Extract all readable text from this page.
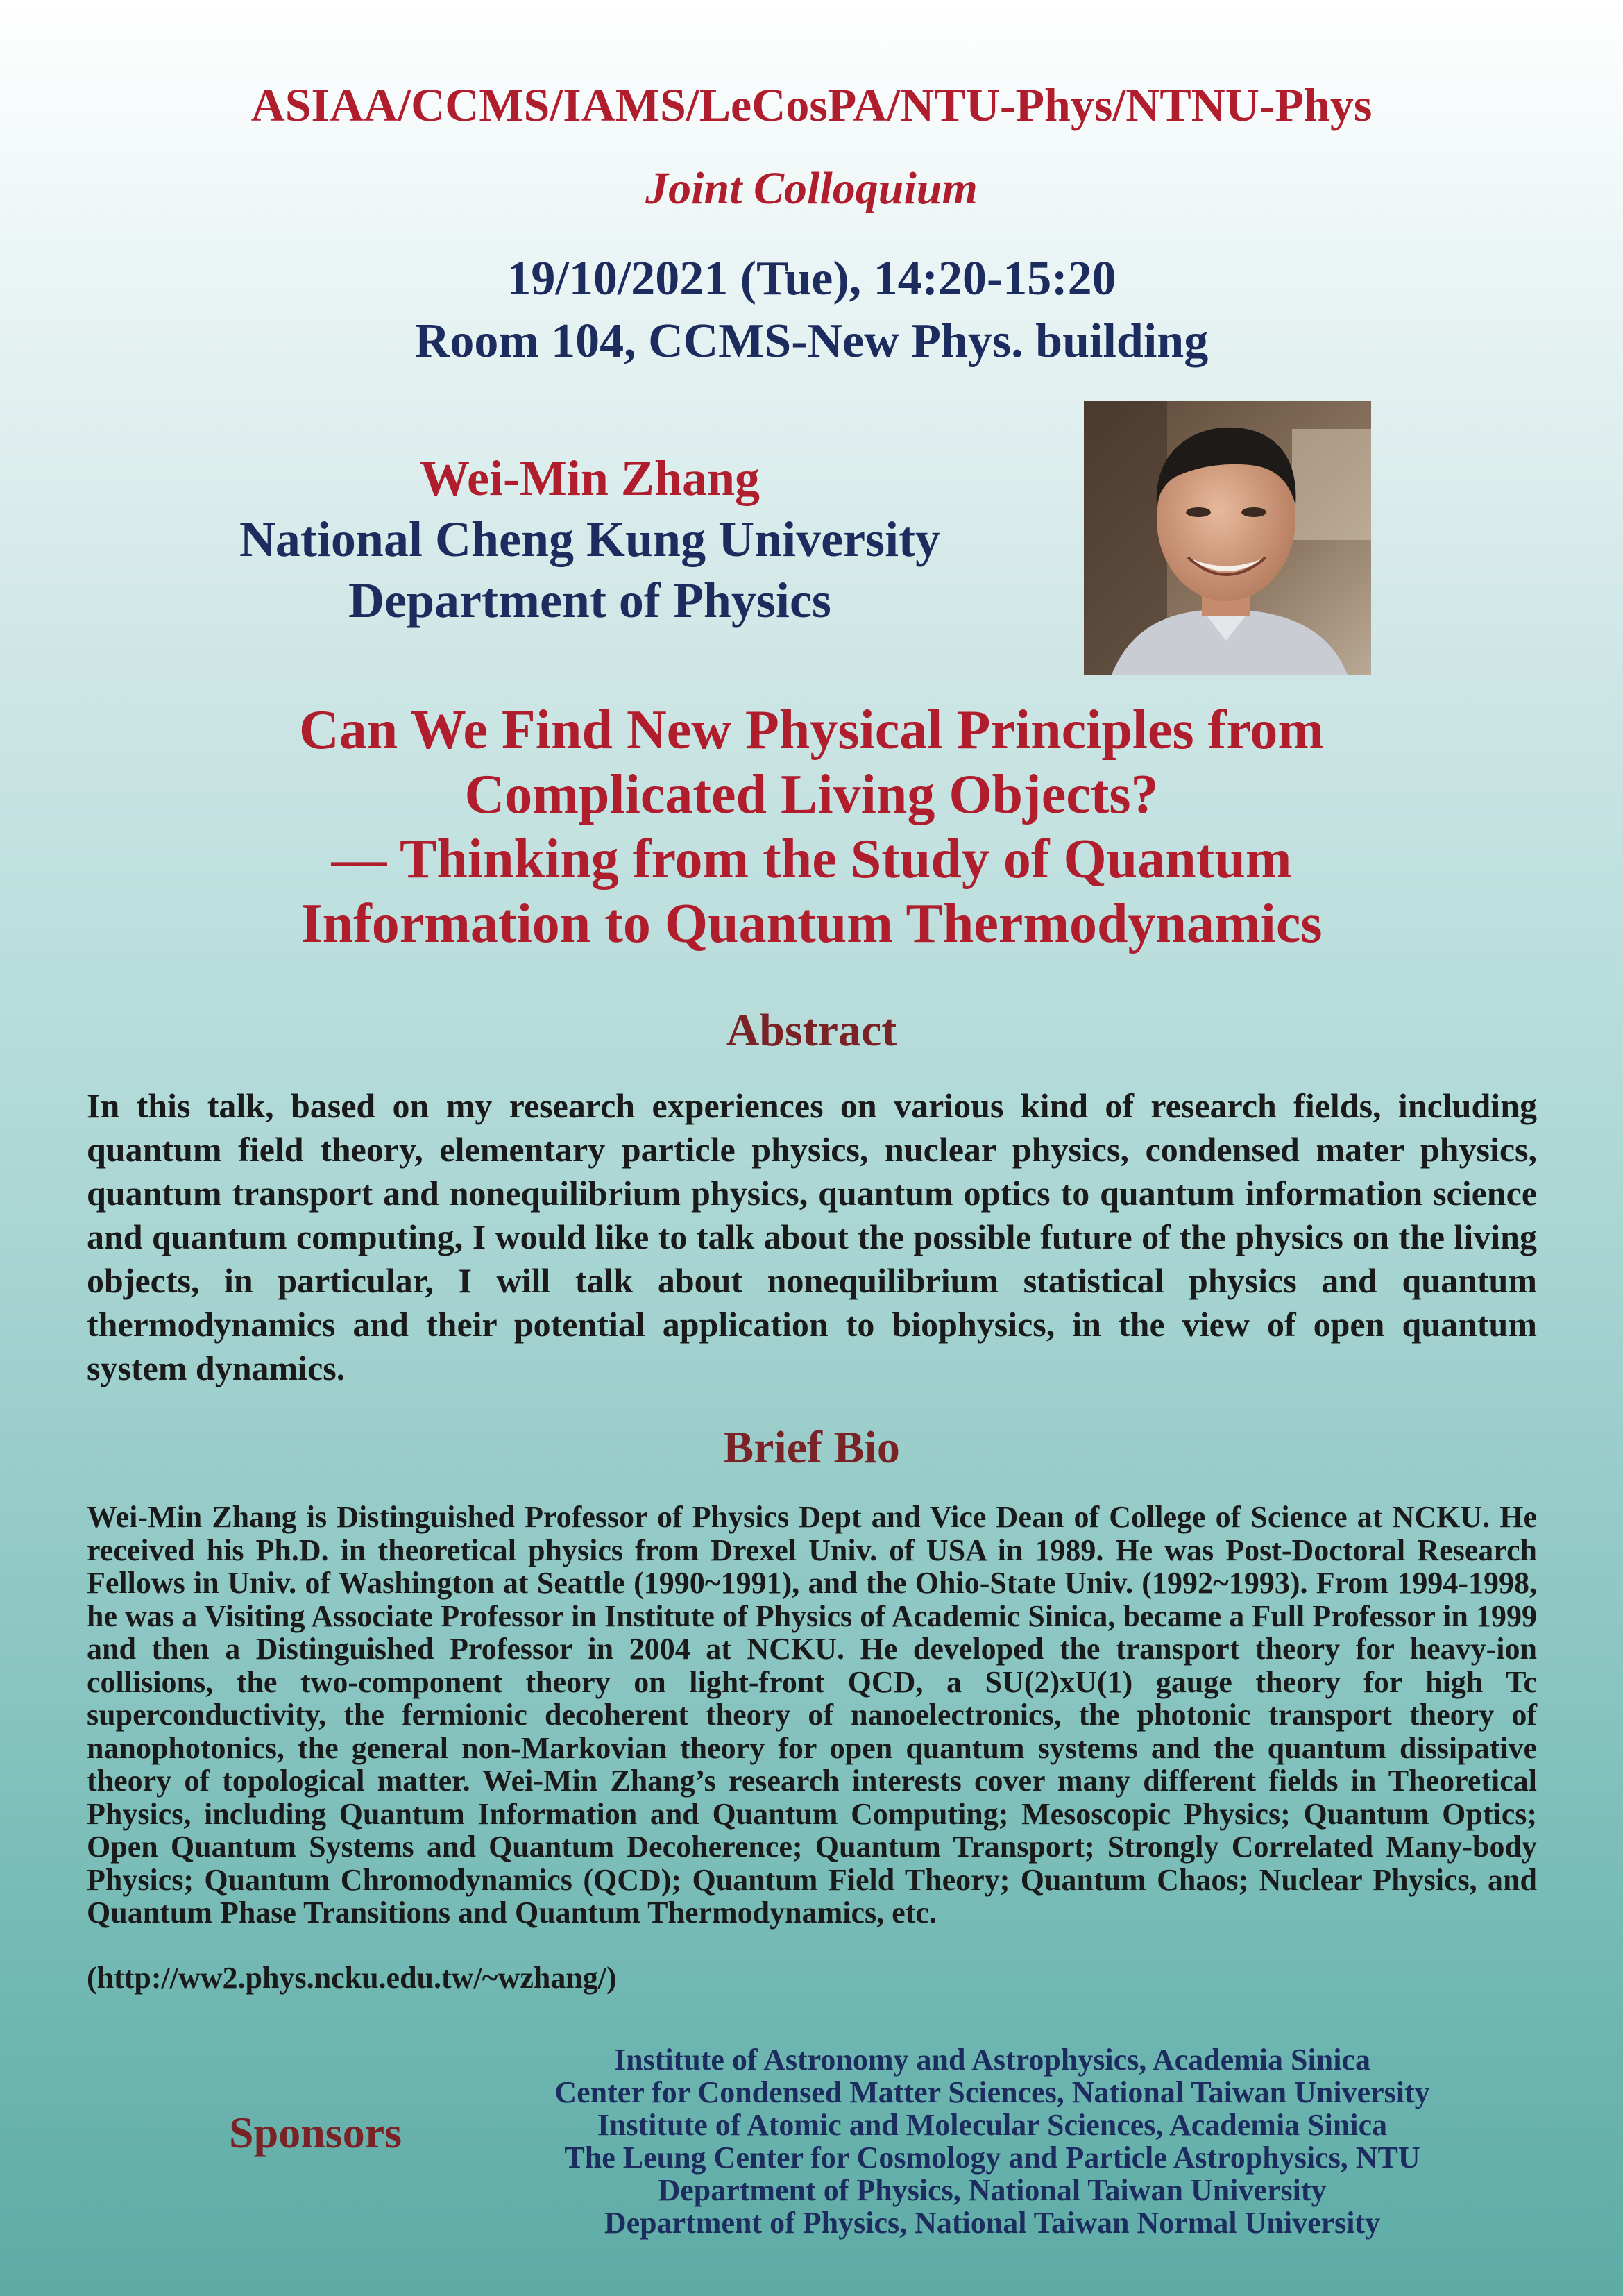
ASIAA/CCMS/IAMS/LeCosPA/NTU-Phys/NTNU-Phys
Joint Colloquium
19/10/2021 (Tue), 14:20-15:20
Room 104, CCMS-New Phys. building
Wei-Min Zhang
National Cheng Kung University
Department of Physics
Can We Find New Physical Principles from
Complicated Living Objects?
— Thinking from the Study of Quantum
Information to Quantum Thermodynamics
Abstract
In this talk, based on my research experiences on various kind of research fields, including quantum field theory, elementary particle physics, nuclear physics, condensed mater physics, quantum transport and nonequilibrium physics, quantum optics to quantum information science and quantum computing, I would like to talk about the possible future of the physics on the living objects, in particular, I will talk about nonequilibrium statistical physics and quantum thermodynamics and their potential application to biophysics, in the view of open quantum system dynamics.
Brief Bio
Wei-Min Zhang is Distinguished Professor of Physics Dept and Vice Dean of College of Science at NCKU. He received his Ph.D. in theoretical physics from Drexel Univ. of USA in 1989. He was Post-Doctoral Research Fellows in Univ. of Washington at Seattle (1990~1991), and the Ohio-State Univ. (1992~1993). From 1994-1998, he was a Visiting Associate Professor in Institute of Physics of Academic Sinica, became a Full Professor in 1999 and then a Distinguished Professor in 2004 at NCKU. He developed the transport theory for heavy-ion collisions, the two-component theory on light-front QCD, a SU(2)xU(1) gauge theory for high Tc superconductivity, the fermionic decoherent theory of nanoelectronics, the photonic transport theory of nanophotonics, the general non-Markovian theory for open quantum systems and the quantum dissipative theory of topological matter. Wei-Min Zhang’s research interests cover many different fields in Theoretical Physics, including Quantum Information and Quantum Computing; Mesoscopic Physics; Quantum Optics; Open Quantum Systems and Quantum Decoherence; Quantum Transport; Strongly Correlated Many-body Physics; Quantum Chromodynamics (QCD); Quantum Field Theory; Quantum Chaos; Nuclear Physics, and Quantum Phase Transitions and Quantum Thermodynamics, etc.
(http://ww2.phys.ncku.edu.tw/~wzhang/)
Sponsors
Institute of Astronomy and Astrophysics, Academia Sinica
Center for Condensed Matter Sciences, National Taiwan University
Institute of Atomic and Molecular Sciences, Academia Sinica
The Leung Center for Cosmology and Particle Astrophysics, NTU
Department of Physics, National Taiwan University
Department of Physics, National Taiwan Normal University
